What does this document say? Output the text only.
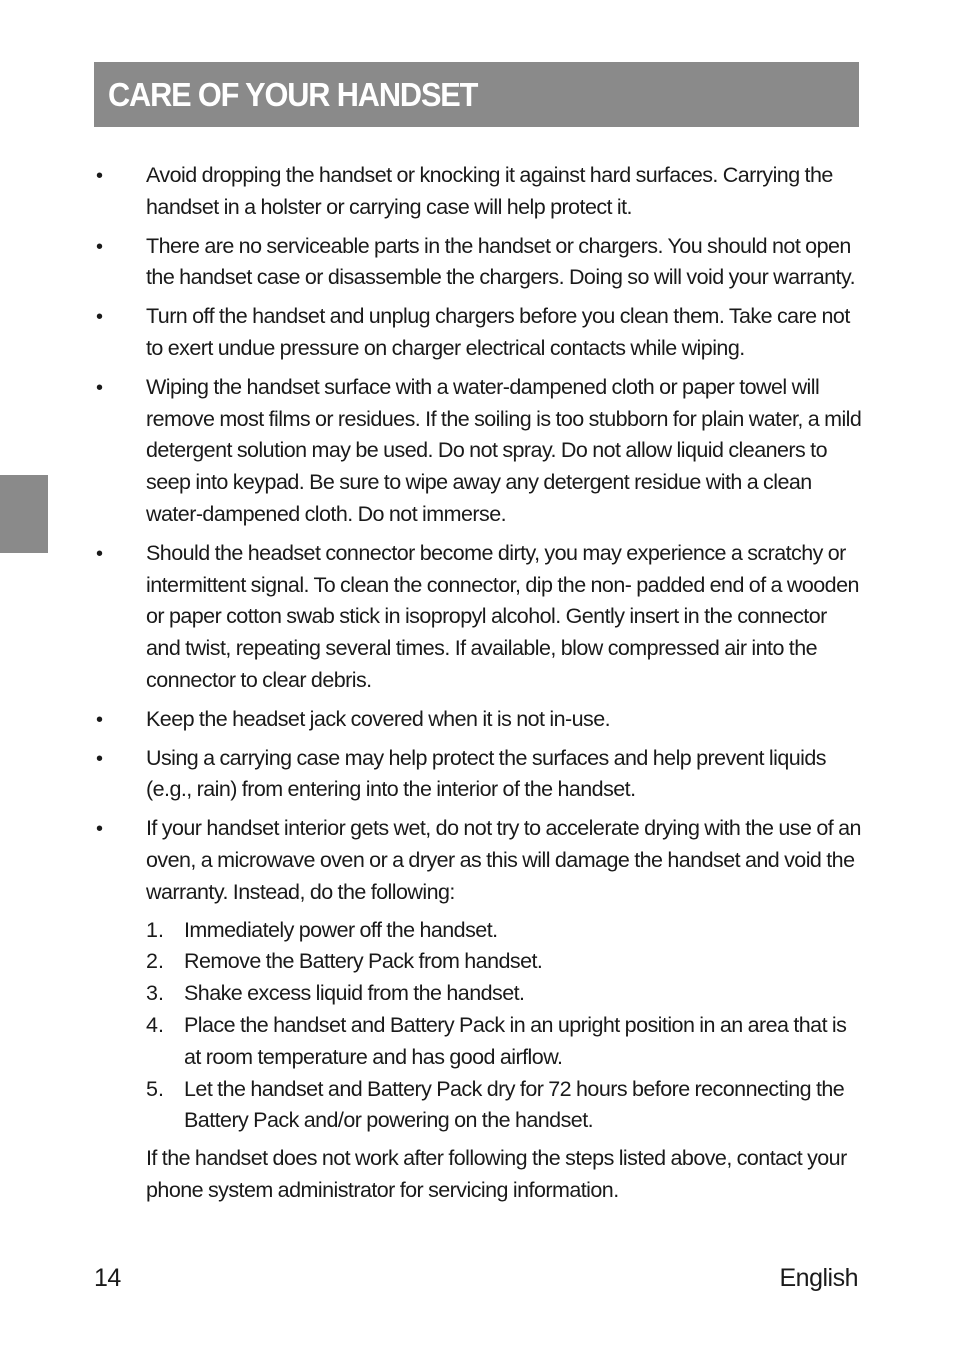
CARE OF YOUR HANDSET
• Avoid dropping the handset or knocking it against hard surfaces. Carrying the handset in a holster or carrying case will help protect it.
• There are no serviceable parts in the handset or chargers. You should not open the handset case or disassemble the chargers. Doing so will void your warranty.
• Turn off the handset and unplug chargers before you clean them. Take care not to exert undue pressure on charger electrical contacts while wiping.
• Wiping the handset surface with a water-dampened cloth or paper towel will remove most films or residues. If the soiling is too stubborn for plain water, a mild detergent solution may be used. Do not spray. Do not allow liquid cleaners to seep into keypad. Be sure to wipe away any detergent residue with a clean water-dampened cloth. Do not immerse.
• Should the headset connector become dirty, you may experience a scratchy or intermittent signal. To clean the connector, dip the non- padded end of a wooden or paper cotton swab stick in isopropyl alcohol. Gently insert in the connector and twist, repeating several times. If available, blow compressed air into the connector to clear debris.
• Keep the headset jack covered when it is not in-use.
• Using a carrying case may help protect the surfaces and help prevent liquids (e.g., rain) from entering into the interior of the handset.
• If your handset interior gets wet, do not try to accelerate drying with the use of an oven, a microwave oven or a dryer as this will damage the handset and void the warranty. Instead, do the following:
1. Immediately power off the handset.
2. Remove the Battery Pack from handset.
3. Shake excess liquid from the handset.
4. Place the handset and Battery Pack in an upright position in an area that is at room temperature and has good airflow.
5. Let the handset and Battery Pack dry for 72 hours before reconnecting the Battery Pack and/or powering on the handset.
If the handset does not work after following the steps listed above, contact your phone system administrator for servicing information.
14	English
